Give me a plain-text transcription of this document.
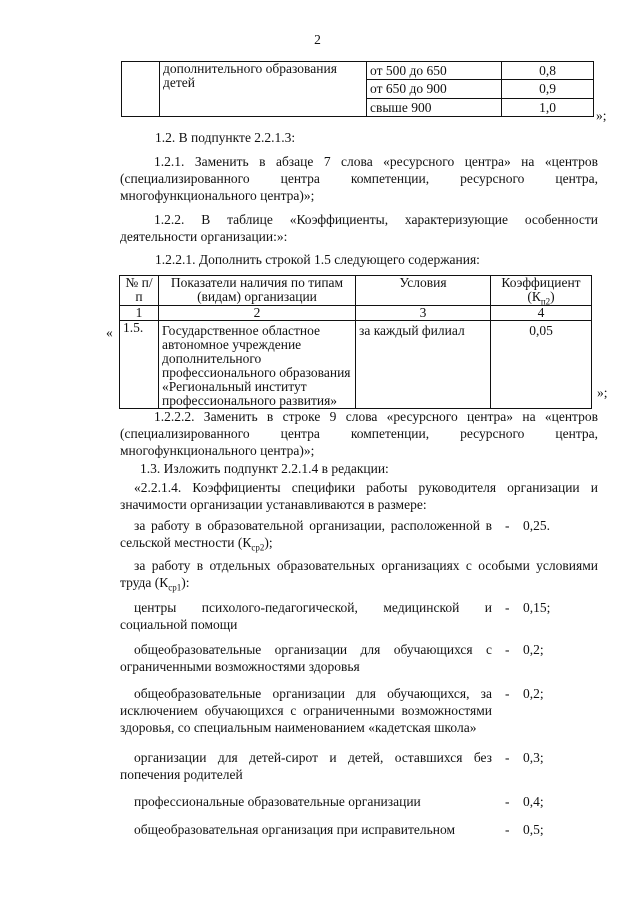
2
	дополнительного образования детей	от 500 до 650	0,8
		от 650 до 900	0,9
		свыше 900	1,0
»;
1.2. В подпункте 2.2.1.3:
1.2.1. Заменить в абзаце 7 слова «ресурсного центра» на «центров (специализированного центра компетенции, ресурсного центра, многофункционального центра)»;
1.2.2. В таблице «Коэффициенты, характеризующие особенности деятельности организации:»:
1.2.2.1. Дополнить строкой 1.5 следующего содержания:
№ п/п	Показатели наличия по типам (видам) организации	Условия	Коэффициент $(К_{п2})$
1	2	3	4
1.5.	Государственное областное автономное учреждение дополнительного профессионального образования «Региональный институт профессионального развития»	за каждый филиал	0,05
«
»;
1.2.2.2. Заменить в строке 9 слова «ресурсного центра» на «центров (специализированного центра компетенции, ресурсного центра, многофункционального центра)»;
1.3. Изложить подпункт 2.2.1.4 в редакции:
«2.2.1.4. Коэффициенты специфики работы руководителя организации и значимости организации устанавливаются в размере:
за работу в образовательной организации, расположенной в сельской местности $(К_{ср2})$;
- 0,25.
за работу в отдельных образовательных организациях с особыми условиями труда $(К_{ср1})$:
центры психолого-педагогической, медицинской и социальной помощи
- 0,15;
общеобразовательные организации для обучающихся с ограниченными возможностями здоровья
- 0,2;
общеобразовательные организации для обучающихся, за исключением обучающихся с ограниченными возможностями здоровья, со специальным наименованием «кадетская школа»
- 0,2;
организации для детей-сирот и детей, оставшихся без попечения родителей
- 0,3;
профессиональные образовательные организации	- 0,4;
общеобразовательная организация при исправительном	- 0,5;
